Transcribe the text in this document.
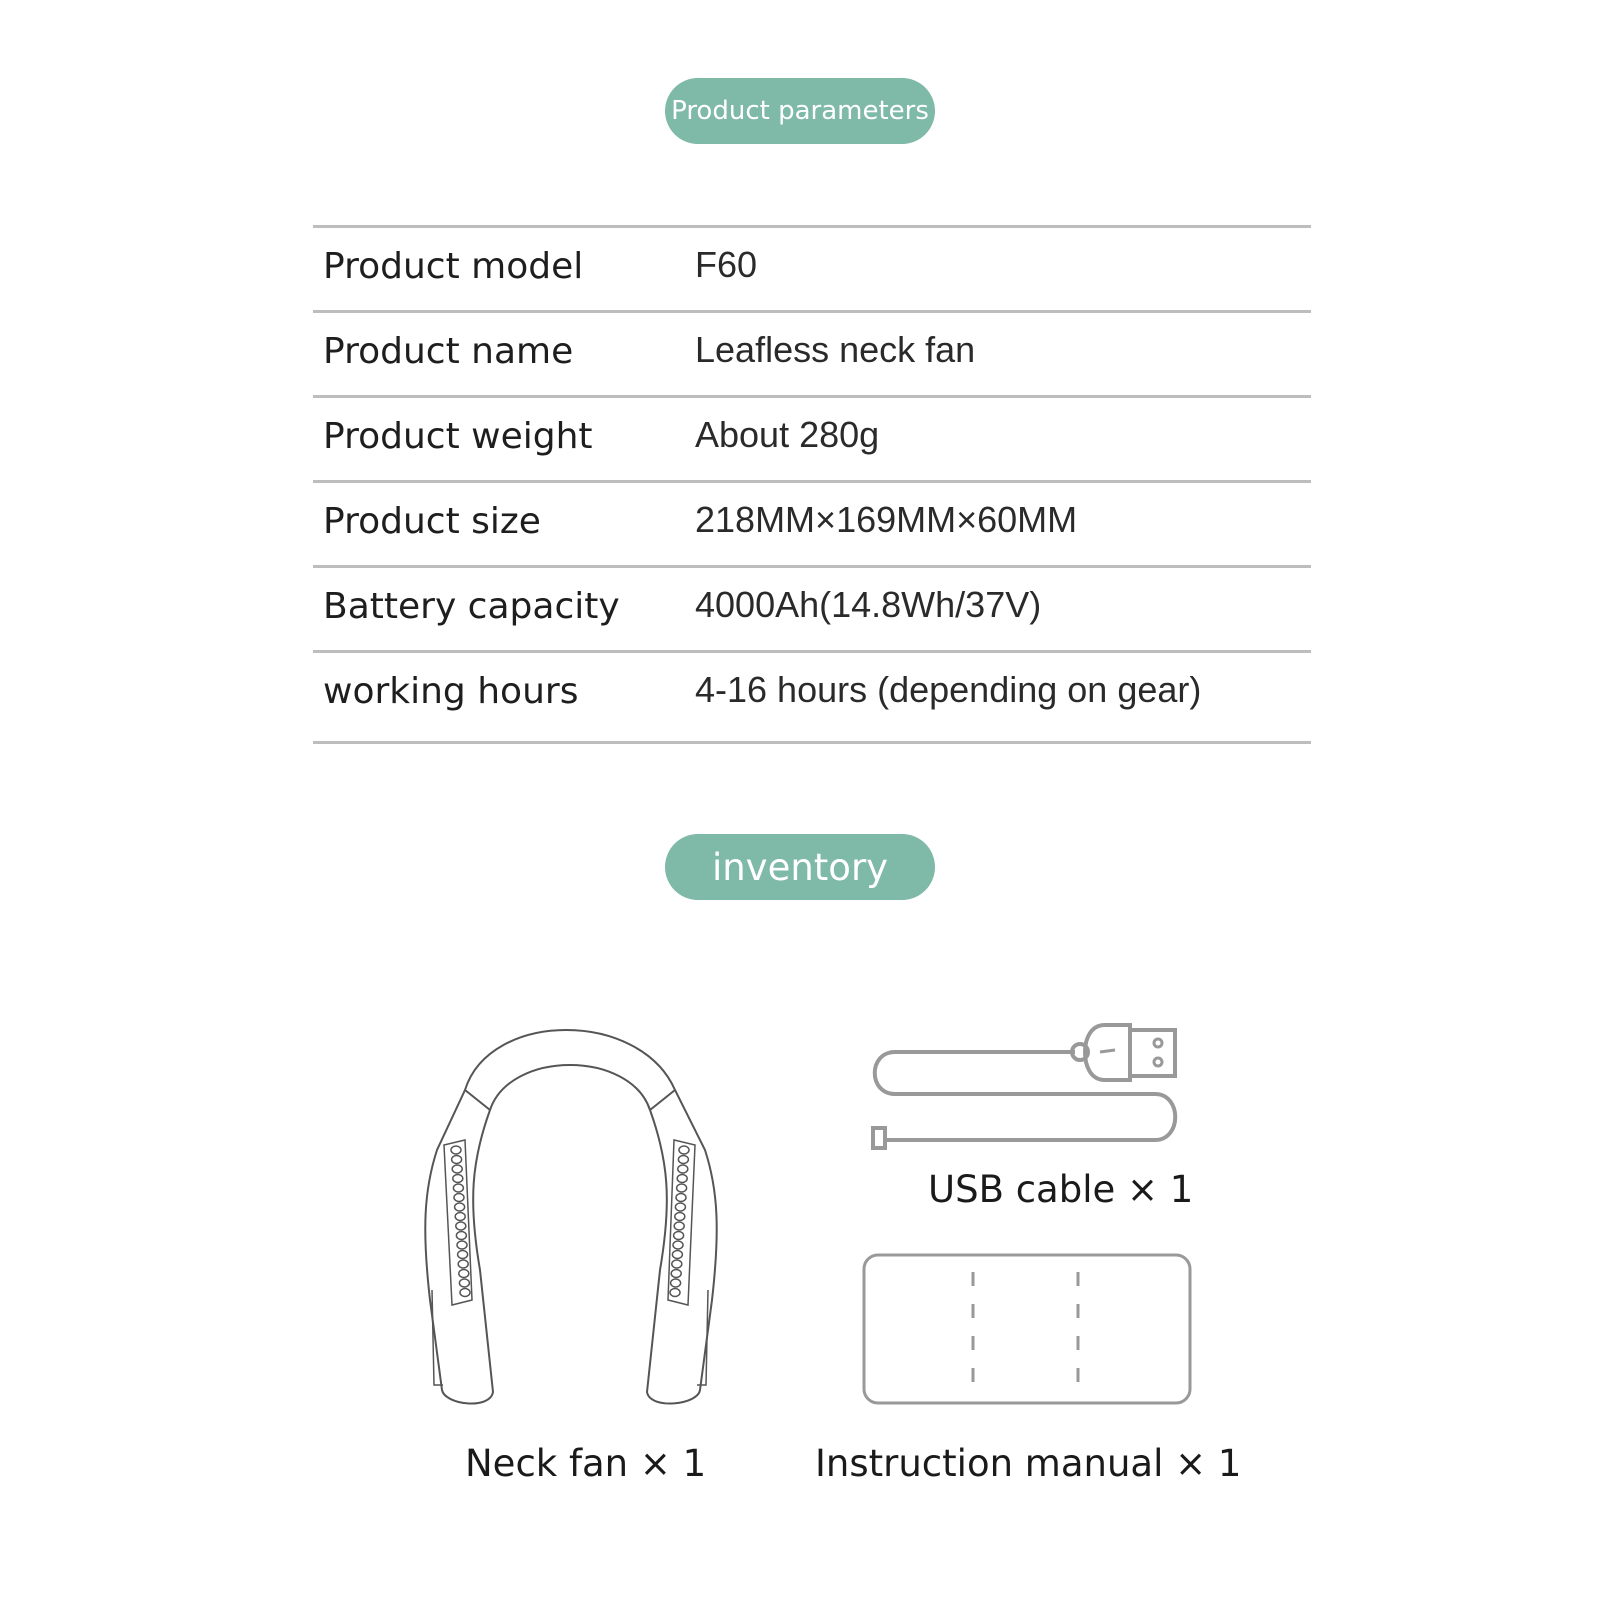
Product parameters
Product model	F60
Product name	Leafless neck fan
Product weight	About 280g
Product size	218MM×169MM×60MM
Battery capacity 4000Ah(14.8Wh/37V)
working hours	4-16 hours (depending on gear)
inventory
USB cable × 1
Neck fan × 1	Instruction manual × 1
